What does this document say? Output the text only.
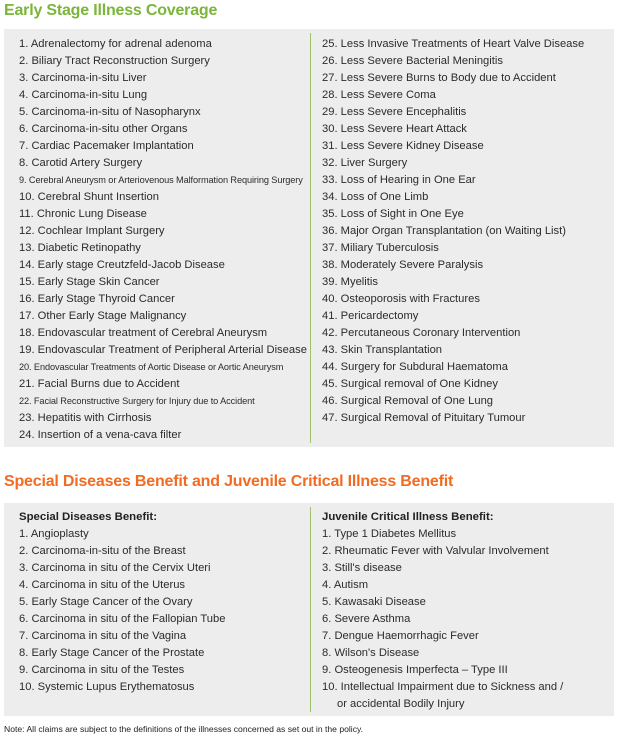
Early Stage Illness Coverage
1. Adrenalectomy for adrenal adenoma
2. Biliary Tract Reconstruction Surgery
3. Carcinoma-in-situ Liver
4. Carcinoma-in-situ Lung
5. Carcinoma-in-situ of Nasopharynx
6. Carcinoma-in-situ other Organs
7. Cardiac Pacemaker Implantation
8. Carotid Artery Surgery
9. Cerebral Aneurysm or Arteriovenous Malformation Requiring Surgery
10. Cerebral Shunt Insertion
11. Chronic Lung Disease
12. Cochlear Implant Surgery
13. Diabetic Retinopathy
14. Early stage Creutzfeld-Jacob Disease
15. Early Stage Skin Cancer
16. Early Stage Thyroid Cancer
17. Other Early Stage Malignancy
18. Endovascular treatment of Cerebral Aneurysm
19. Endovascular Treatment of Peripheral Arterial Disease
20. Endovascular Treatments of Aortic Disease or Aortic Aneurysm
21. Facial Burns due to Accident
22. Facial Reconstructive Surgery for Injury due to Accident
23. Hepatitis with Cirrhosis
24. Insertion of a vena-cava filter
25. Less Invasive Treatments of Heart Valve Disease
26. Less Severe Bacterial Meningitis
27. Less Severe Burns to Body due to Accident
28. Less Severe Coma
29. Less Severe Encephalitis
30. Less Severe Heart Attack
31. Less Severe Kidney Disease
32. Liver Surgery
33. Loss of Hearing in One Ear
34. Loss of One Limb
35. Loss of Sight in One Eye
36. Major Organ Transplantation (on Waiting List)
37. Miliary Tuberculosis
38. Moderately Severe Paralysis
39. Myelitis
40. Osteoporosis with Fractures
41. Pericardectomy
42. Percutaneous Coronary Intervention
43. Skin Transplantation
44. Surgery for Subdural Haematoma
45. Surgical removal of One Kidney
46. Surgical Removal of One Lung
47. Surgical Removal of Pituitary Tumour
Special Diseases Benefit and Juvenile Critical Illness Benefit
Special Diseases Benefit:
1. Angioplasty
2. Carcinoma-in-situ of the Breast
3. Carcinoma in situ of the Cervix Uteri
4. Carcinoma in situ of the Uterus
5. Early Stage Cancer of the Ovary
6. Carcinoma in situ of the Fallopian Tube
7. Carcinoma in situ of the Vagina
8. Early Stage Cancer of the Prostate
9. Carcinoma in situ of the Testes
10. Systemic Lupus Erythematosus
Juvenile Critical Illness Benefit:
1. Type 1 Diabetes Mellitus
2. Rheumatic Fever with Valvular Involvement
3. Still's disease
4. Autism
5. Kawasaki Disease
6. Severe Asthma
7. Dengue Haemorrhagic Fever
8. Wilson's Disease
9. Osteogenesis Imperfecta – Type III
10. Intellectual Impairment due to Sickness and /
or accidental Bodily Injury
Note: All claims are subject to the definitions of the illnesses concerned as set out in the policy.
